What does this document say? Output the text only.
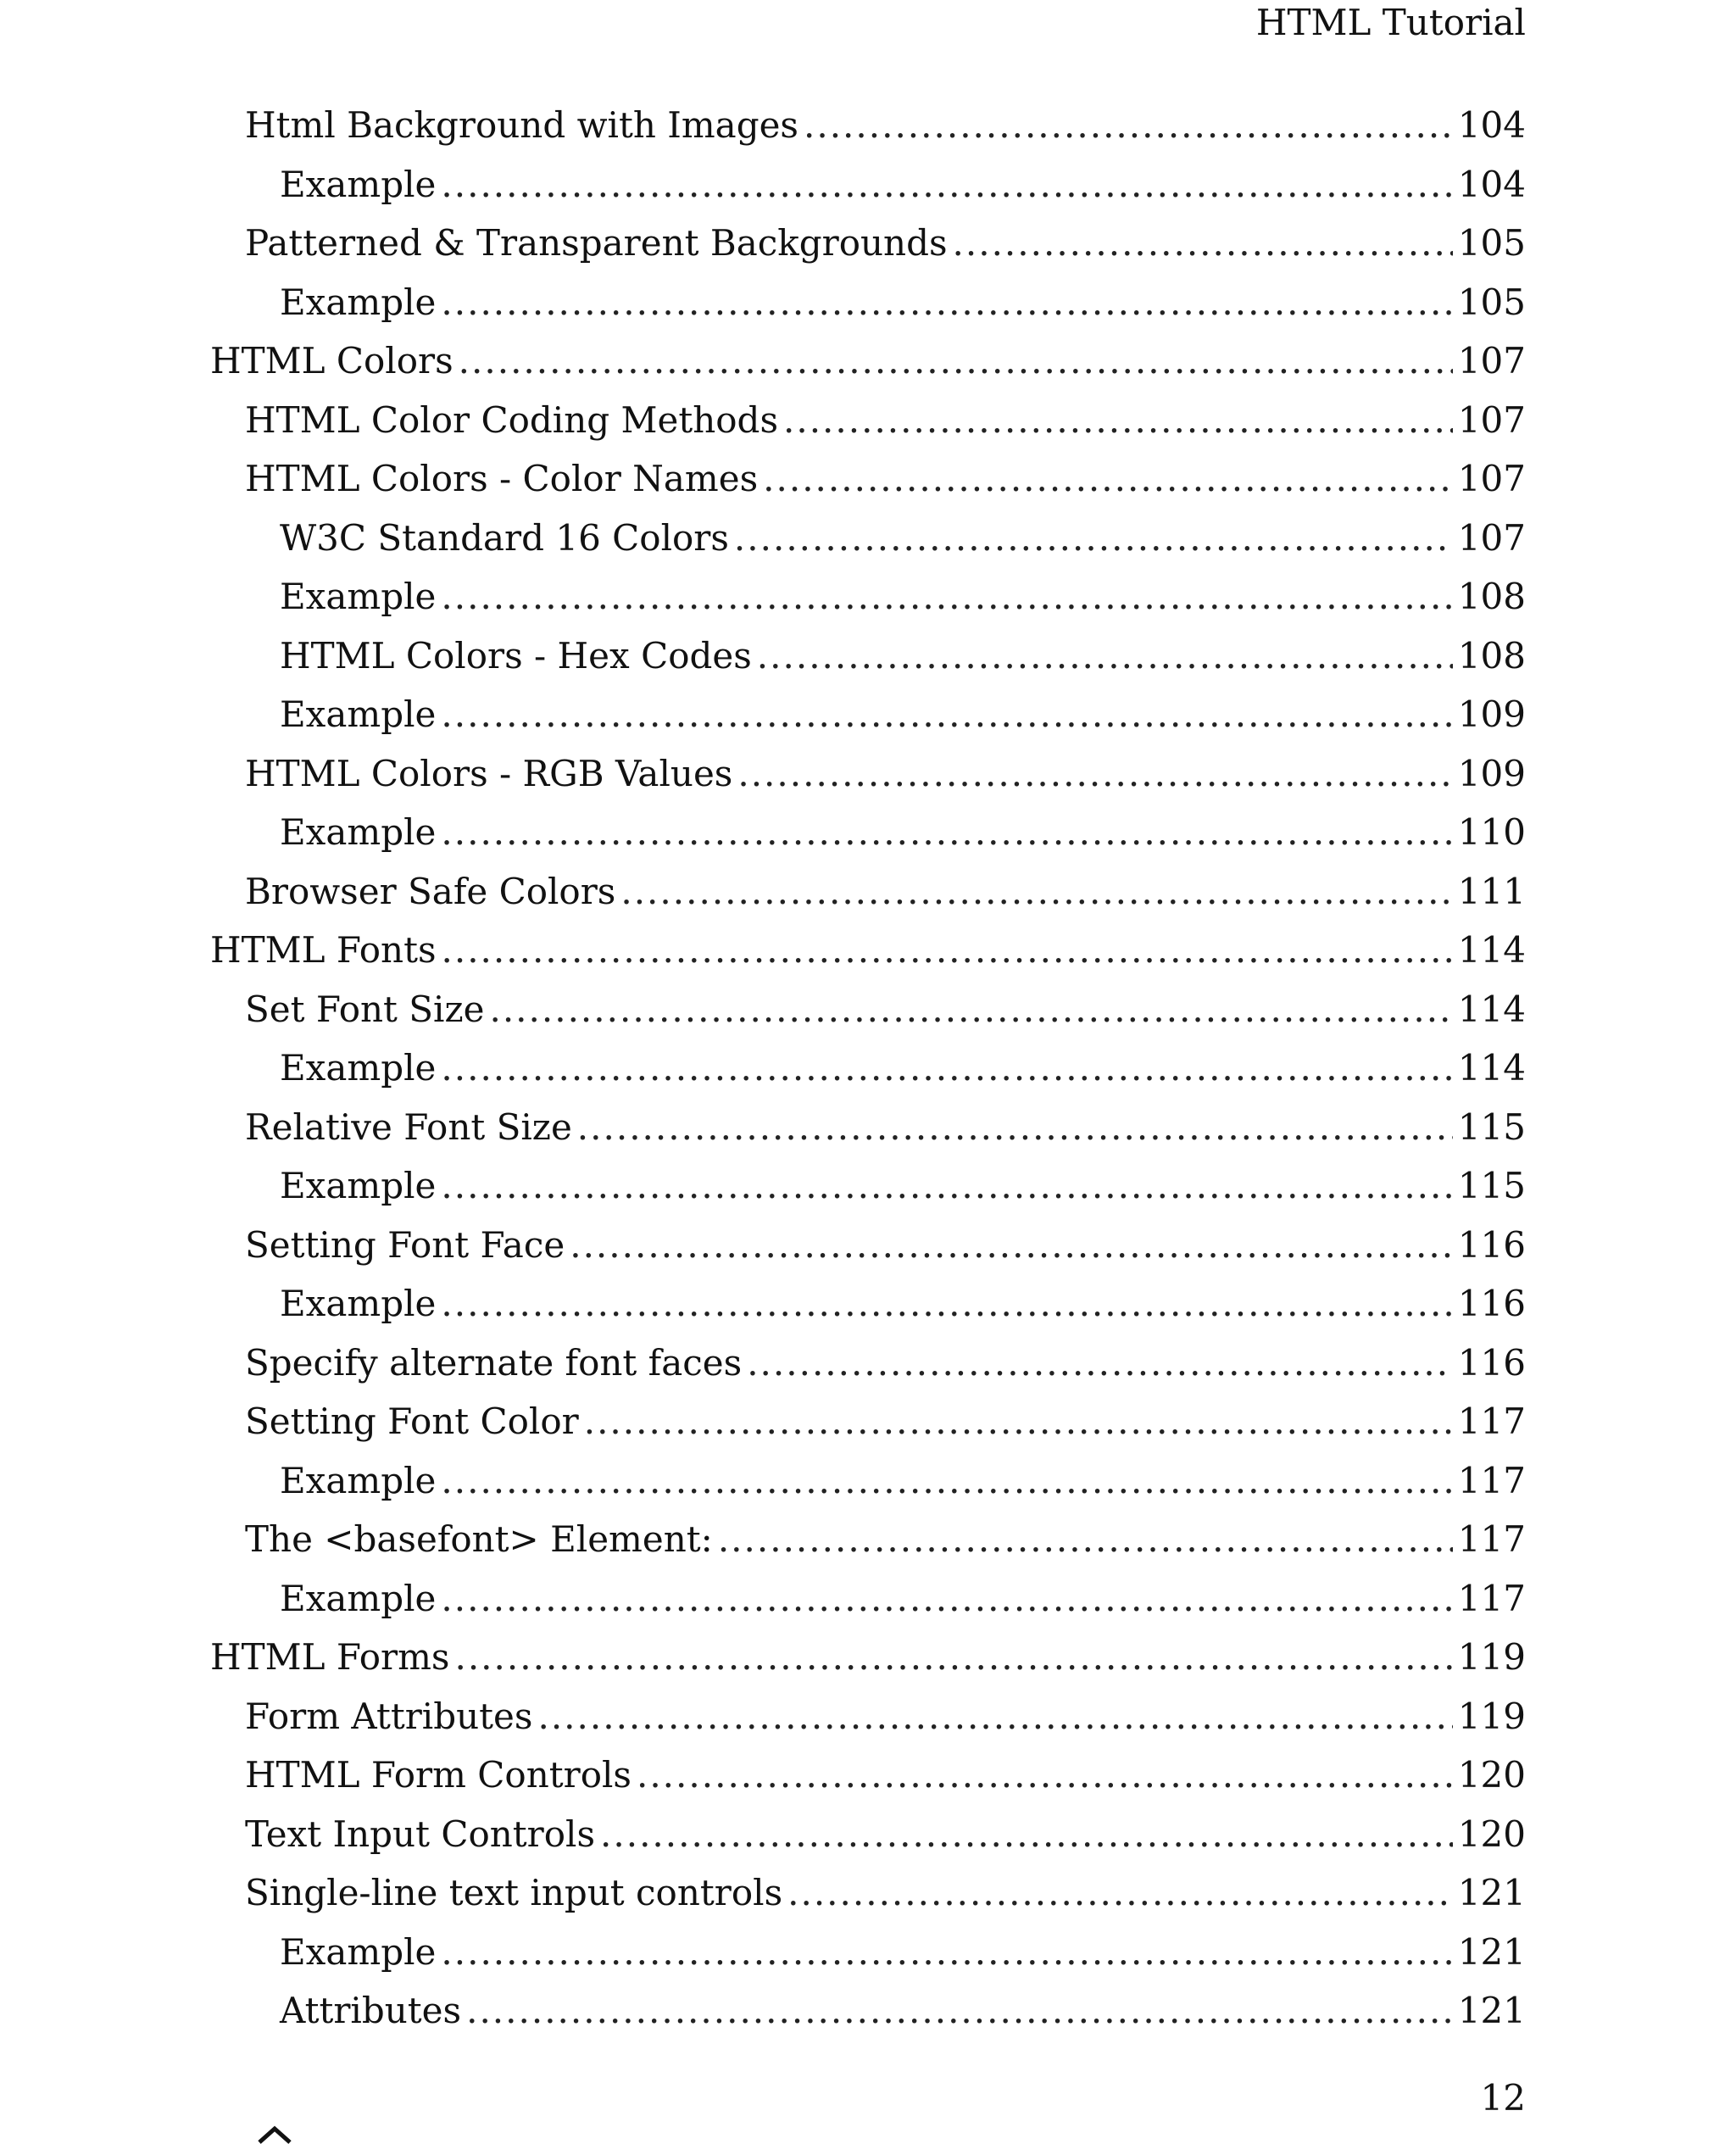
HTML Tutorial
Html Background with Images .....	104
Example .....	104
Patterned & Transparent Backgrounds .....	105
Example .....	105
HTML Colors .....	107
HTML Color Coding Methods .....	107
HTML Colors - Color Names .....	107
W3C Standard 16 Colors .....	107
Example .....	108
HTML Colors - Hex Codes .....	108
Example .....	109
HTML Colors - RGB Values .....	109
Example .....	110
Browser Safe Colors .....	111
HTML Fonts .....	114
Set Font Size .....	114
Example .....	114
Relative Font Size .....	115
Example .....	115
Setting Font Face .....	116
Example .....	116
Specify alternate font faces .....	116
Setting Font Color .....	117
Example .....	117
The <basefont> Element: .....	117
Example .....	117
HTML Forms .....	119
Form Attributes .....	119
HTML Form Controls .....	120
Text Input Controls .....	120
Single-line text input controls .....	121
Example .....	121
Attributes .....	121
12
